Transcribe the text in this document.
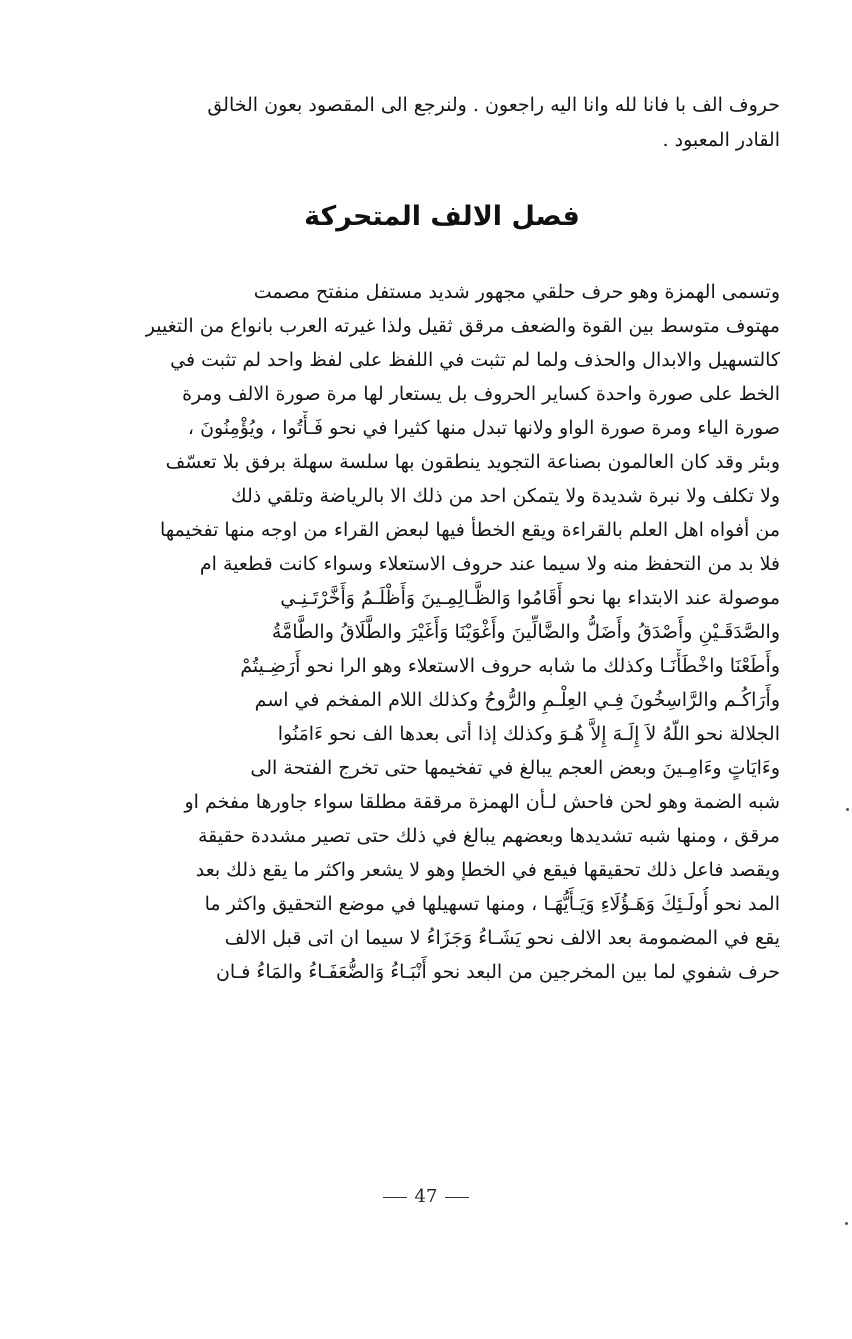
حروف الف با فانا لله وانا اليه راجعون . ولنرجع الى المقصود بعون الخالق
القادر المعبود .
فصل الالف المتحركة
وتسمى الهمزة وهو حرف حلقي مجهور شديد مستفل منفتح مصمت
مهتوف متوسط بين القوة والضعف مرقق ثقيل ولذا غيرته العرب بانواع من التغيير
كالتسهيل والابدال والحذف ولما لم تثبت في اللفظ على لفظ واحد لم تثبت في
الخط على صورة واحدة كساير الحروف بل يستعار لها مرة صورة الالف ومرة
صورة الياء ومرة صورة الواو ولانها تبدل منها كثيرا في نحو فَـأْتُوا ، ويُؤْمِنُونَ ،
وبئر وقد كان العالمون بصناعة التجويد ينطقون بها سلسة سهلة برفق بلا تعسّف
ولا تكلف ولا نبرة شديدة ولا يتمكن احد من ذلك الا بالرياضة وتلقي ذلك
من أفواه اهل العلم بالقراءة ويقع الخطأ فيها لبعض القراء من اوجه منها تفخيمها
فلا بد من التحفظ منه ولا سيما عند حروف الاستعلاء وسواء كانت قطعية ام
موصولة عند الابتداء بها نحو أَقَامُوا وَالظَّـالِمِـينَ وَأَظْلَـمُ وَأَخَّرْتَـنِـي
والصَّدَقَـيْنِ وأَصْدَقُ وأَضَلُّ والضَّالِّينَ وأَغْوَيْنَا وَأَغَيْرَ والطَّلَاقُ والطَّامَّةُ
وأَطَعْنَا واخْطَأْنَـا وكذلك ما شابه حروف الاستعلاء وهو الرا نحو أَرَضِـيتُمْ
وأَرَاكُـم والرَّاسِخُونَ فِـي العِلْـمِ والرُّوحُ وكذلك اللام المفخم في اسم
الجلالة نحو اللّهُ لاَ إِلَـهَ إِلاَّ هُـوَ وكذلك إذا أتى بعدها الف نحو ءَامَنُوا
وءَايَاتٍ وءَامِـينَ وبعض العجم يبالغ في تفخيمها حتى تخرج الفتحة الى
شبه الضمة وهو لحن فاحش لـأن الهمزة مرققة مطلقا سواء جاورها مفخم او
مرقق ، ومنها شبه تشديدها وبعضهم يبالغ في ذلك حتى تصير مشددة حقيقة
ويقصد فاعل ذلك تحقيقها فيقع في الخطإ وهو لا يشعر واكثر ما يقع ذلك بعد
المد نحو أُولَـئِكَ وَهَـؤُلَاءِ وَيَـأَيُّهَـا ، ومنها تسهيلها في موضع التحقيق واكثر ما
يقع في المضمومة بعد الالف نحو يَشَـاءُ وَجَزَاءُ لا سيما ان اتى قبل الالف
حرف شفوي لما بين المخرجين من البعد نحو أَنْبَـاءُ وَالضُّعَفَـاءُ والمَاءُ فـان
47
